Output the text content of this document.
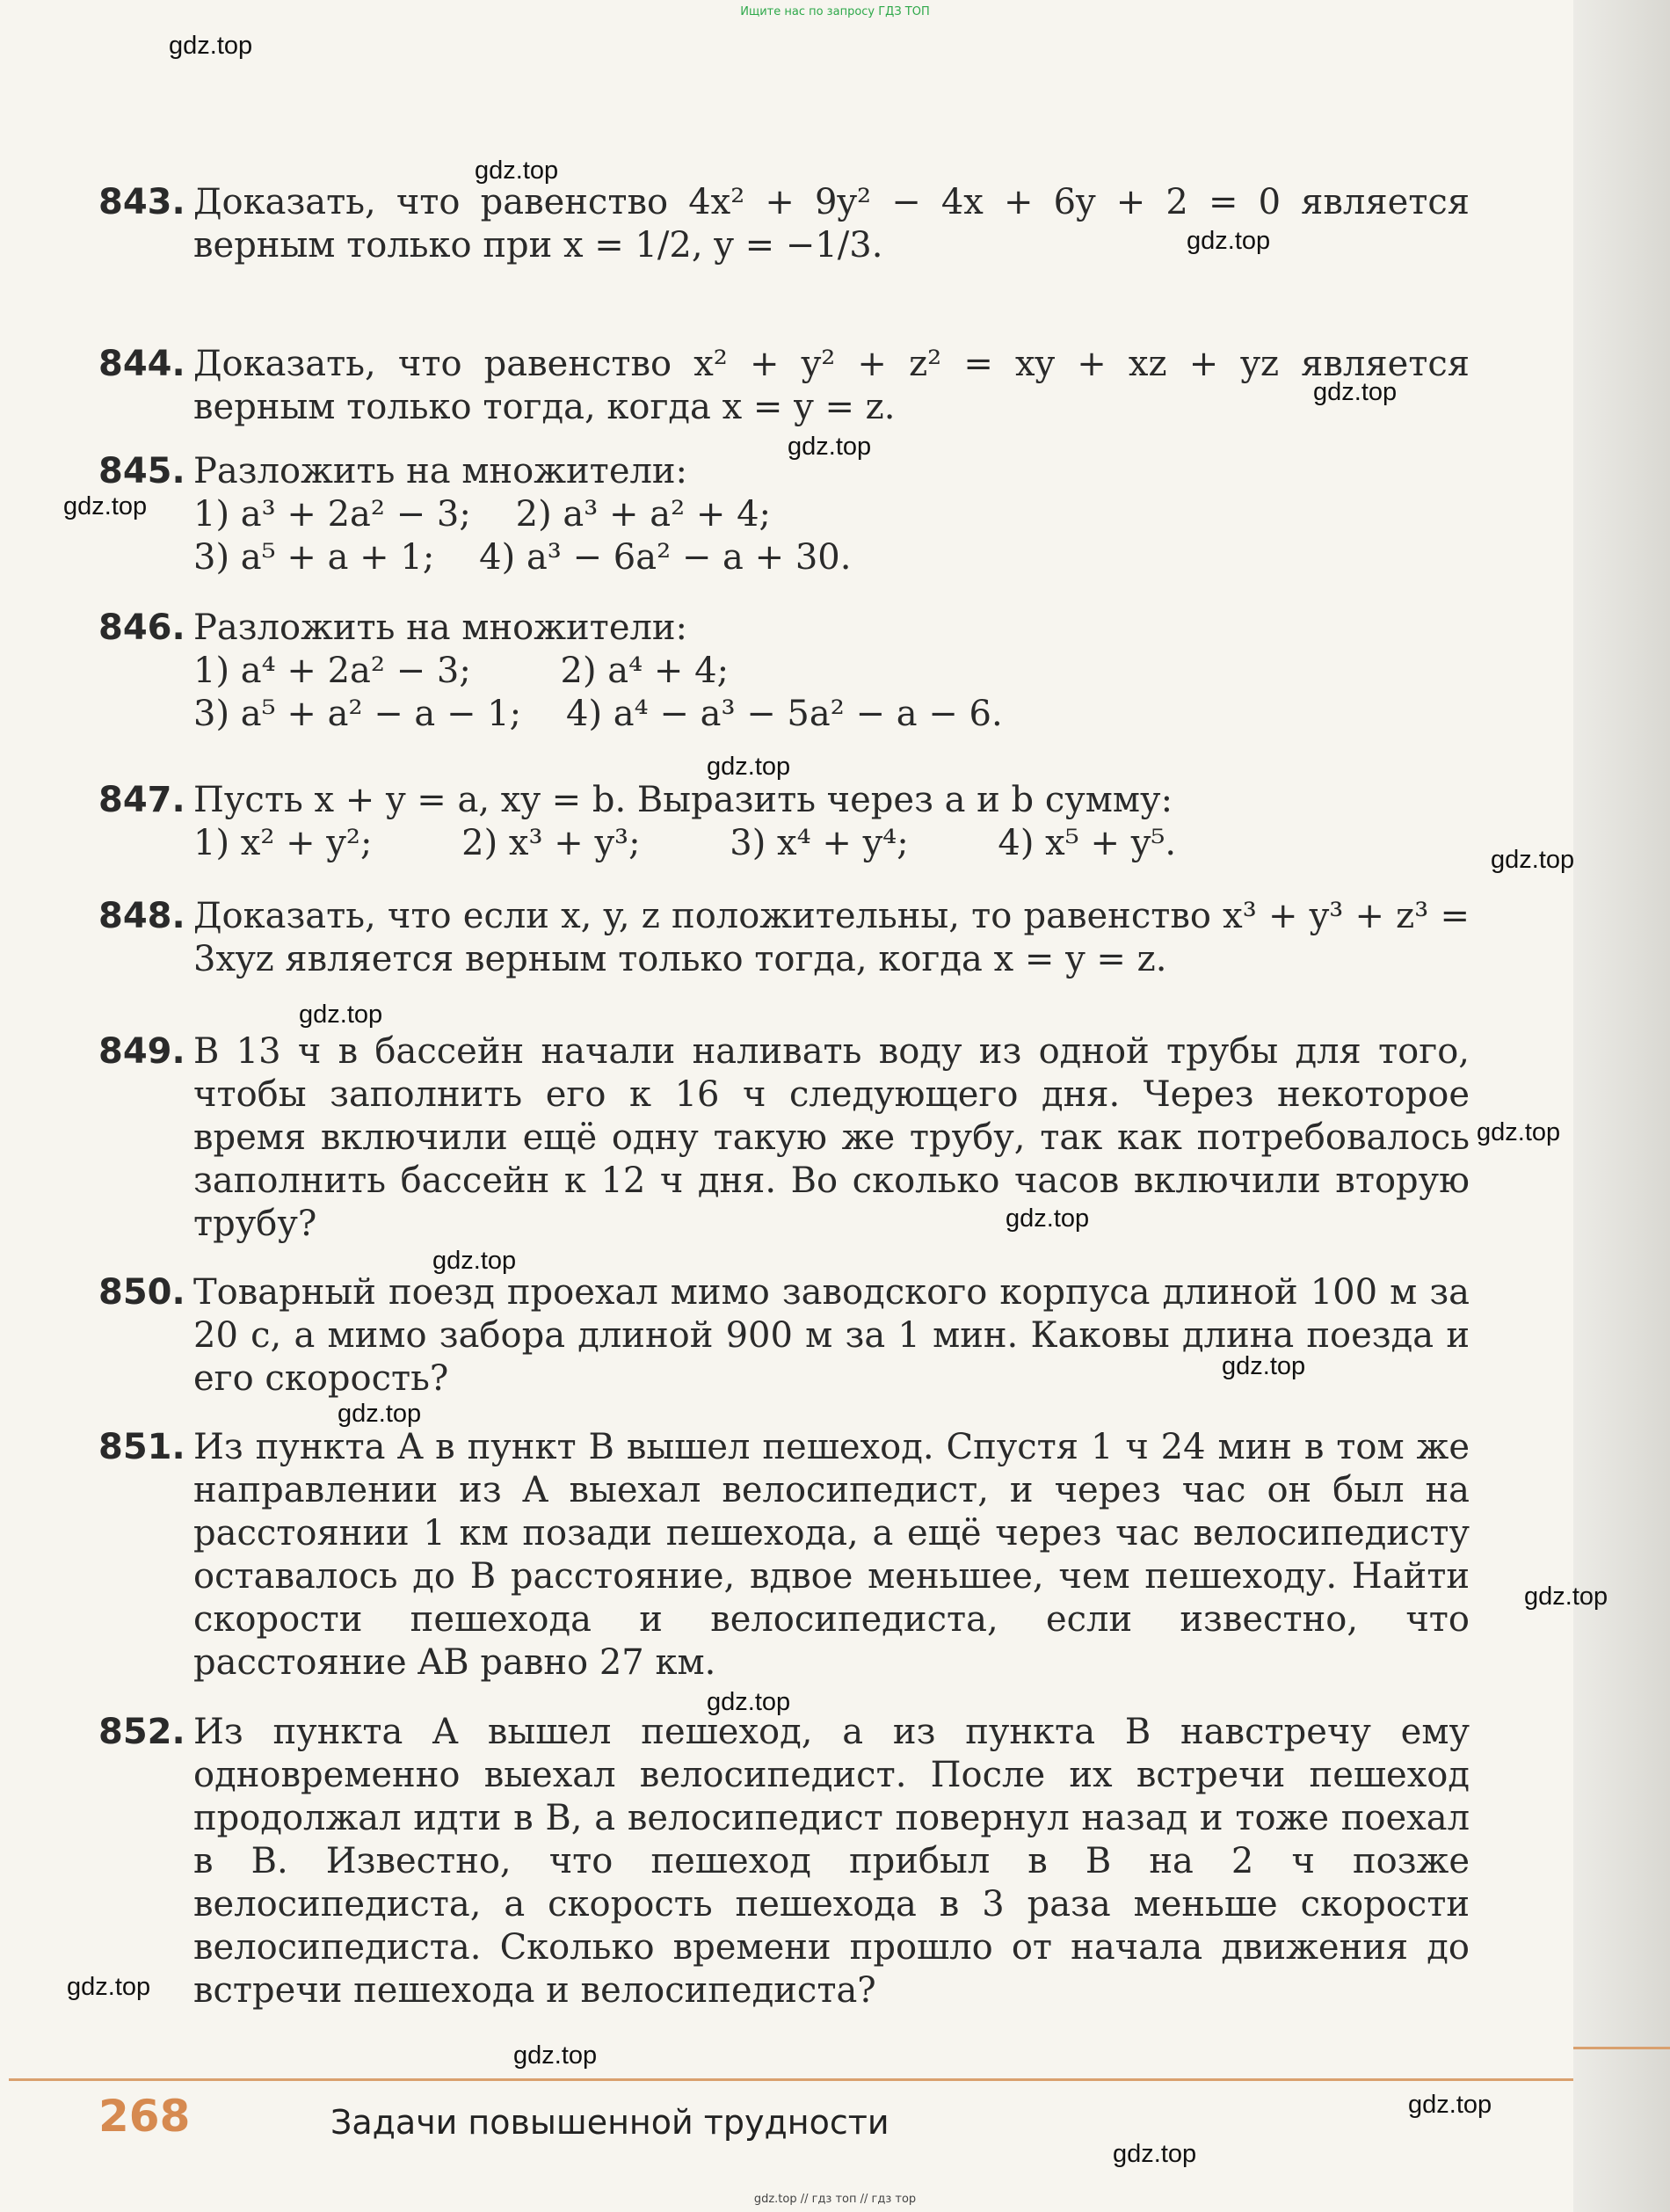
Ищите нас по запросу ГДЗ ТОП
gdz.top
gdz.top
gdz.top
gdz.top
gdz.top
gdz.top
gdz.top
gdz.top
gdz.top
gdz.top
gdz.top
gdz.top
gdz.top
gdz.top
gdz.top
gdz.top
gdz.top
gdz.top
gdz.top
gdz.top
843. Доказать, что равенство 4x² + 9y² − 4x + 6y + 2 = 0 является верным только при x = 1/2, y = −1/3.
844. Доказать, что равенство x² + y² + z² = xy + xz + yz является верным только тогда, когда x = y = z.
845. Разложить на множители:
1) a³ + 2a² − 3;    2) a³ + a² + 4;
3) a⁵ + a + 1;    4) a³ − 6a² − a + 30.
846. Разложить на множители:
1) a⁴ + 2a² − 3;        2) a⁴ + 4;
3) a⁵ + a² − a − 1;    4) a⁴ − a³ − 5a² − a − 6.
847. Пусть x + y = a, xy = b. Выразить через a и b сумму:
1) x² + y²;        2) x³ + y³;        3) x⁴ + y⁴;        4) x⁵ + y⁵.
848. Доказать, что если x, y, z положительны, то равенство x³ + y³ + z³ = 3xyz является верным только тогда, когда x = y = z.
849. В 13 ч в бассейн начали наливать воду из одной трубы для того, чтобы заполнить его к 16 ч следующего дня. Через некоторое время включили ещё одну такую же трубу, так как потребовалось заполнить бассейн к 12 ч дня. Во сколько часов включили вторую трубу?
850. Товарный поезд проехал мимо заводского корпуса длиной 100 м за 20 с, а мимо забора длиной 900 м за 1 мин. Каковы длина поезда и его скорость?
851. Из пункта A в пункт B вышел пешеход. Спустя 1 ч 24 мин в том же направлении из A выехал велосипедист, и через час он был на расстоянии 1 км позади пешехода, а ещё через час велосипедисту оставалось до B расстояние, вдвое меньшее, чем пешеходу. Найти скорости пешехода и велосипедиста, если известно, что расстояние AB равно 27 км.
852. Из пункта A вышел пешеход, а из пункта B навстречу ему одновременно выехал велосипедист. После их встречи пешеход продолжал идти в B, а велосипедист повернул назад и тоже поехал в B. Известно, что пешеход прибыл в B на 2 ч позже велосипедиста, а скорость пешехода в 3 раза меньше скорости велосипедиста. Сколько времени прошло от начала движения до встречи пешехода и велосипедиста?
268	Задачи повышенной трудности
gdz.top // гдз топ // гдз тор
